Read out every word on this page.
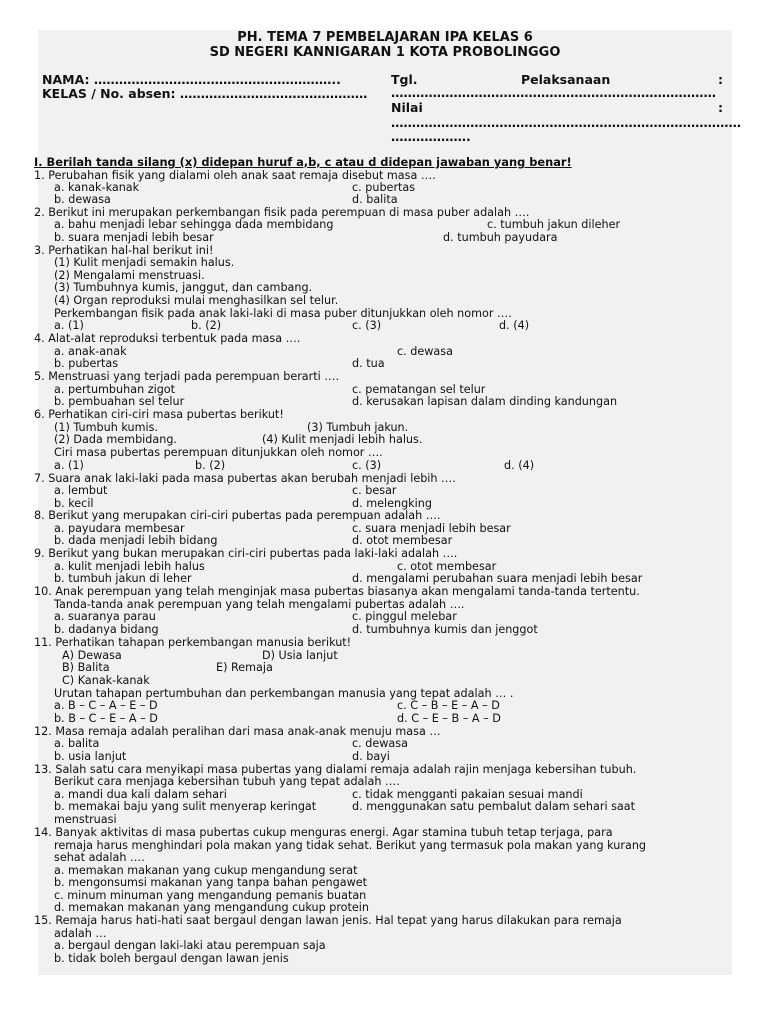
PH. TEMA 7 PEMBELAJARAN IPA KELAS 6
SD NEGERI KANNIGARAN 1 KOTA PROBOLINGGO
NAMA: …………………………………………………..
KELAS / No. absen: ………………………………………
Tgl.	Pelaksanaan	:
……………………………………………………………………
Nilai	:
…………………………………………………………………………
……………….
I. Berilah tanda silang (x) didepan huruf a,b, c atau d didepan jawaban yang benar!
1. Perubahan fisik yang dialami oleh anak saat remaja disebut masa ….
a. kanak-kanak	c. pubertas
b. dewasa	d. balita
2. Berikut ini merupakan perkembangan fisik pada perempuan di masa puber adalah ….
a. bahu menjadi lebar sehingga dada membidang	c. tumbuh jakun dileher
b. suara menjadi lebih besar	d. tumbuh payudara
3. Perhatikan hal-hal berikut ini!
(1) Kulit menjadi semakin halus.
(2) Mengalami menstruasi.
(3) Tumbuhnya kumis, janggut, dan cambang.
(4) Organ reproduksi mulai menghasilkan sel telur.
Perkembangan fisik pada anak laki-laki di masa puber ditunjukkan oleh nomor ….
a. (1)	b. (2)	c. (3)	d. (4)
4. Alat-alat reproduksi terbentuk pada masa ….
a. anak-anak	c. dewasa
b. pubertas	d. tua
5. Menstruasi yang terjadi pada perempuan berarti ….
a. pertumbuhan zigot	c. pematangan sel telur
b. pembuahan sel telur	d. kerusakan lapisan dalam dinding kandungan
6. Perhatikan ciri-ciri masa pubertas berikut!
(1) Tumbuh kumis.	(3) Tumbuh jakun.
(2) Dada membidang.	(4) Kulit menjadi lebih halus.
Ciri masa pubertas perempuan ditunjukkan oleh nomor ….
a. (1)	b. (2)	c. (3)	d. (4)
7. Suara anak laki-laki pada masa pubertas akan berubah menjadi lebih ….
a. lembut	c. besar
b. kecil	d. melengking
8. Berikut yang merupakan ciri-ciri pubertas pada perempuan adalah ….
a. payudara membesar	c. suara menjadi lebih besar
b. dada menjadi lebih bidang	d. otot membesar
9. Berikut yang bukan merupakan ciri-ciri pubertas pada laki-laki adalah ….
a. kulit menjadi lebih halus	c. otot membesar
b. tumbuh jakun di leher	d. mengalami perubahan suara menjadi lebih besar
10. Anak perempuan yang telah menginjak masa pubertas biasanya akan mengalami tanda-tanda tertentu.
Tanda-tanda anak perempuan yang telah mengalami pubertas adalah ….
a. suaranya parau	c. pinggul melebar
b. dadanya bidang	d. tumbuhnya kumis dan jenggot
11. Perhatikan tahapan perkembangan manusia berikut!
A) Dewasa	D) Usia lanjut
B) Balita	E) Remaja
C) Kanak-kanak
Urutan tahapan pertumbuhan dan perkembangan manusia yang tepat adalah … .
a. B – C – A – E – D	c. C – B – E – A – D
b. B – C – E – A – D	d. C – E – B – A – D
12. Masa remaja adalah peralihan dari masa anak-anak menuju masa …
a. balita	c. dewasa
b. usia lanjut	d. bayi
13. Salah satu cara menyikapi masa pubertas yang dialami remaja adalah rajin menjaga kebersihan tubuh.
Berikut cara menjaga kebersihan tubuh yang tepat adalah ….
a. mandi dua kali dalam sehari	c. tidak mengganti pakaian sesuai mandi
b. memakai baju yang sulit menyerap keringat	d. menggunakan satu pembalut dalam sehari saat
menstruasi
14. Banyak aktivitas di masa pubertas cukup menguras energi. Agar stamina tubuh tetap terjaga, para
remaja harus menghindari pola makan yang tidak sehat. Berikut yang termasuk pola makan yang kurang
sehat adalah ….
a. memakan makanan yang cukup mengandung serat
b. mengonsumsi makanan yang tanpa bahan pengawet
c. minum minuman yang mengandung pemanis buatan
d. memakan makanan yang mengandung cukup protein
15. Remaja harus hati-hati saat bergaul dengan lawan jenis. Hal tepat yang harus dilakukan para remaja
adalah …
a. bergaul dengan laki-laki atau perempuan saja
b. tidak boleh bergaul dengan lawan jenis
